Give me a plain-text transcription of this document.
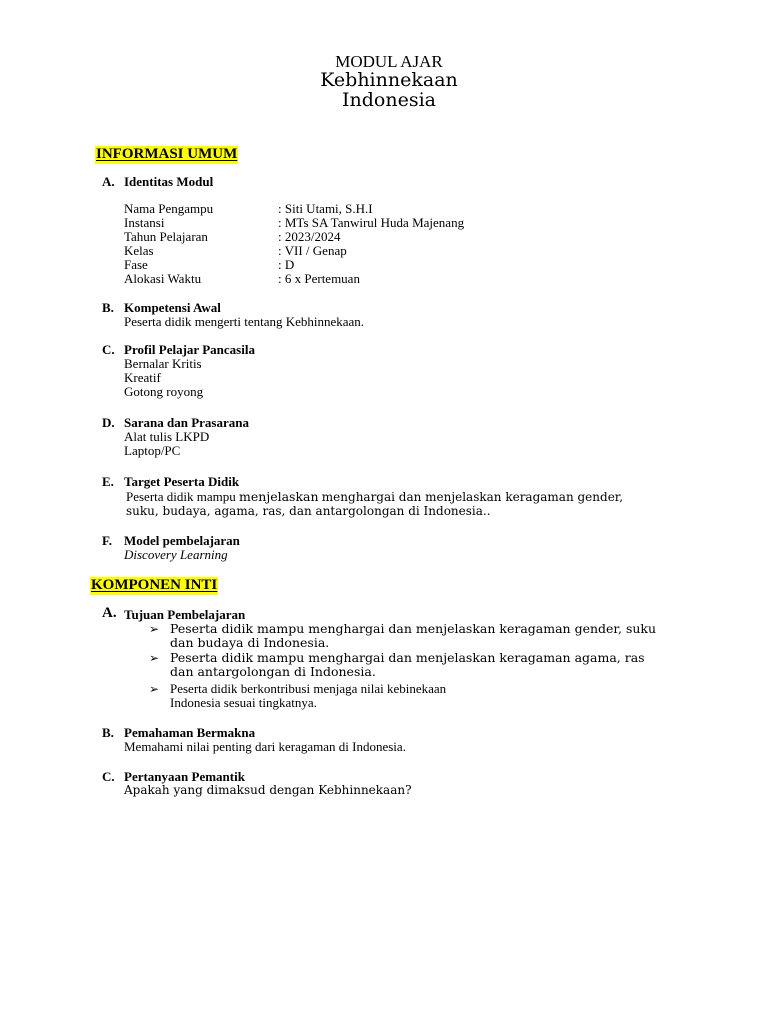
MODUL AJAR
Kebhinnekaan
Indonesia
INFORMASI UMUM
A. Identitas Modul
Nama Pengampu	: Siti Utami, S.H.I
Instansi	: MTs SA Tanwirul Huda Majenang
Tahun Pelajaran	: 2023/2024
Kelas	: VII / Genap
Fase	: D
Alokasi Waktu	: 6 x Pertemuan
B. Kompetensi Awal
Peserta didik mengerti tentang Kebhinnekaan.
C. Profil Pelajar Pancasila
Bernalar Kritis
Kreatif
Gotong royong
D. Sarana dan Prasarana
Alat tulis LKPD
Laptop/PC
E. Target Peserta Didik
Peserta didik mampu menjelaskan menghargai dan menjelaskan keragaman gender,
suku, budaya, agama, ras, dan antargolongan di Indonesia..
F. Model pembelajaran
Discovery Learning
KOMPONEN INTI
A. Tujuan Pembelajaran
➢ Peserta didik mampu menghargai dan menjelaskan keragaman gender, suku
dan budaya di Indonesia.
➢ Peserta didik mampu menghargai dan menjelaskan keragaman agama, ras
dan antargolongan di Indonesia.
➢ Peserta didik berkontribusi menjaga nilai kebinekaan
Indonesia sesuai tingkatnya.
B. Pemahaman Bermakna
Memahami nilai penting dari keragaman di Indonesia.
C. Pertanyaan Pemantik
Apakah yang dimaksud dengan Kebhinnekaan?
